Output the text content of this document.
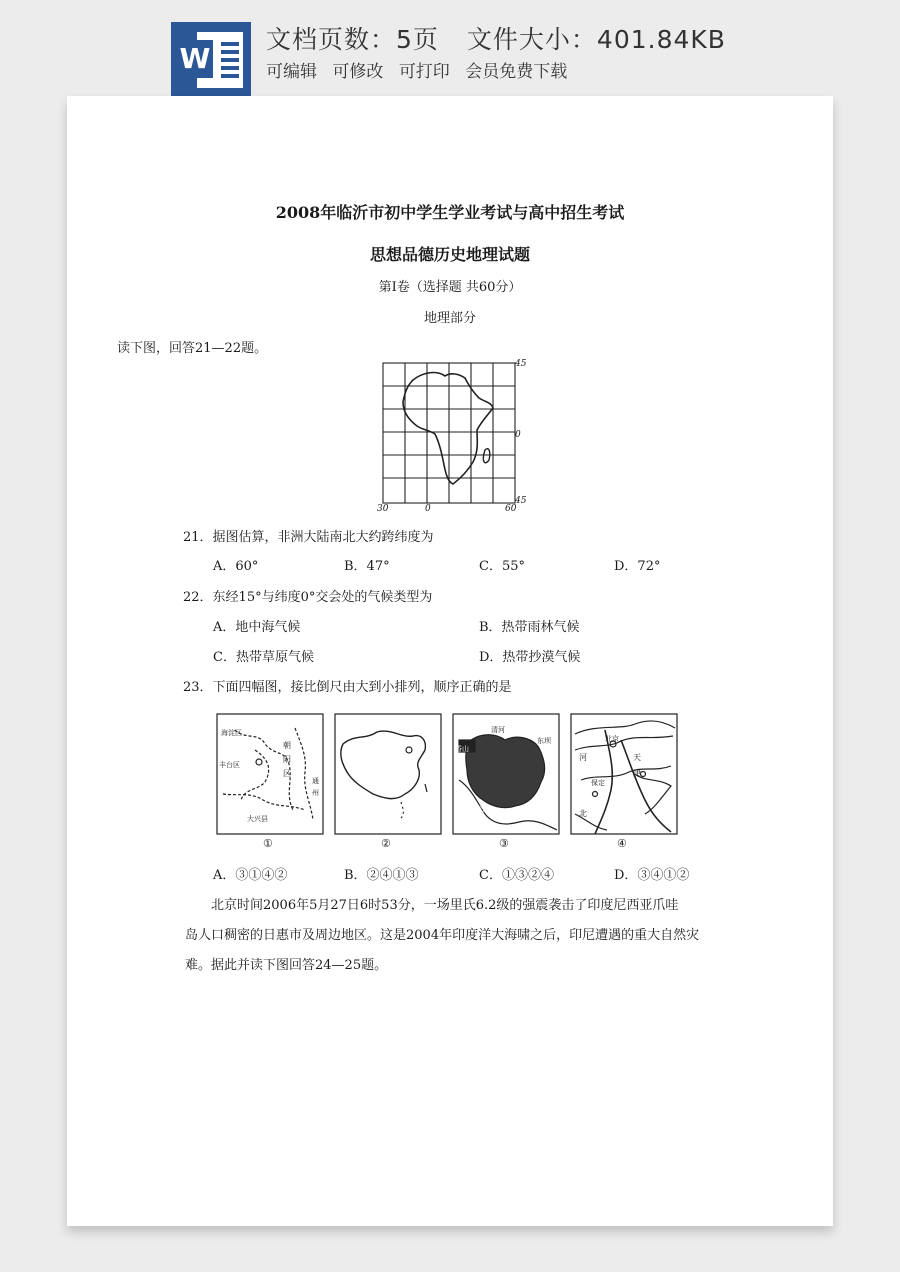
W
文档页数：5页 文件大小：401.84KB
可编辑 可修改 可打印 会员免费下载
2008年临沂市初中学生学业考试与高中招生考试
思想品德历史地理试题
第Ⅰ卷（选择题 共60分）
地理部分
读下图，回答21—22题。
45
0
45
30	0	60
21．据图估算，非洲大陆南北大约跨纬度为
A．60°	B．47°	C．55°	D．72°
22．东经15°与纬度0°交会处的气候类型为
A．地中海气候	B．热带雨林气候
C．热带草原气候	D．热带抄漠气候
23．下面四幅图，接比倒尺由大到小排列，顺序正确的是
海淀区
朝
阳
区
丰台区
通
州
大兴县
清河
香山
东坝
丰台区
北京
天
津
河
保定
北
①	②	③	④
A．③①④②	B．②④①③	C．①③②④	D．③④①②
北京时间2006年5月27日6时53分，一场里氏6.2级的强震袭击了印度尼西亚爪哇
岛人口稠密的日惠市及周边地区。这是2004年印度洋大海啸之后，印尼遭遇的重大自然灾
难。据此并读下图回答24—25题。
